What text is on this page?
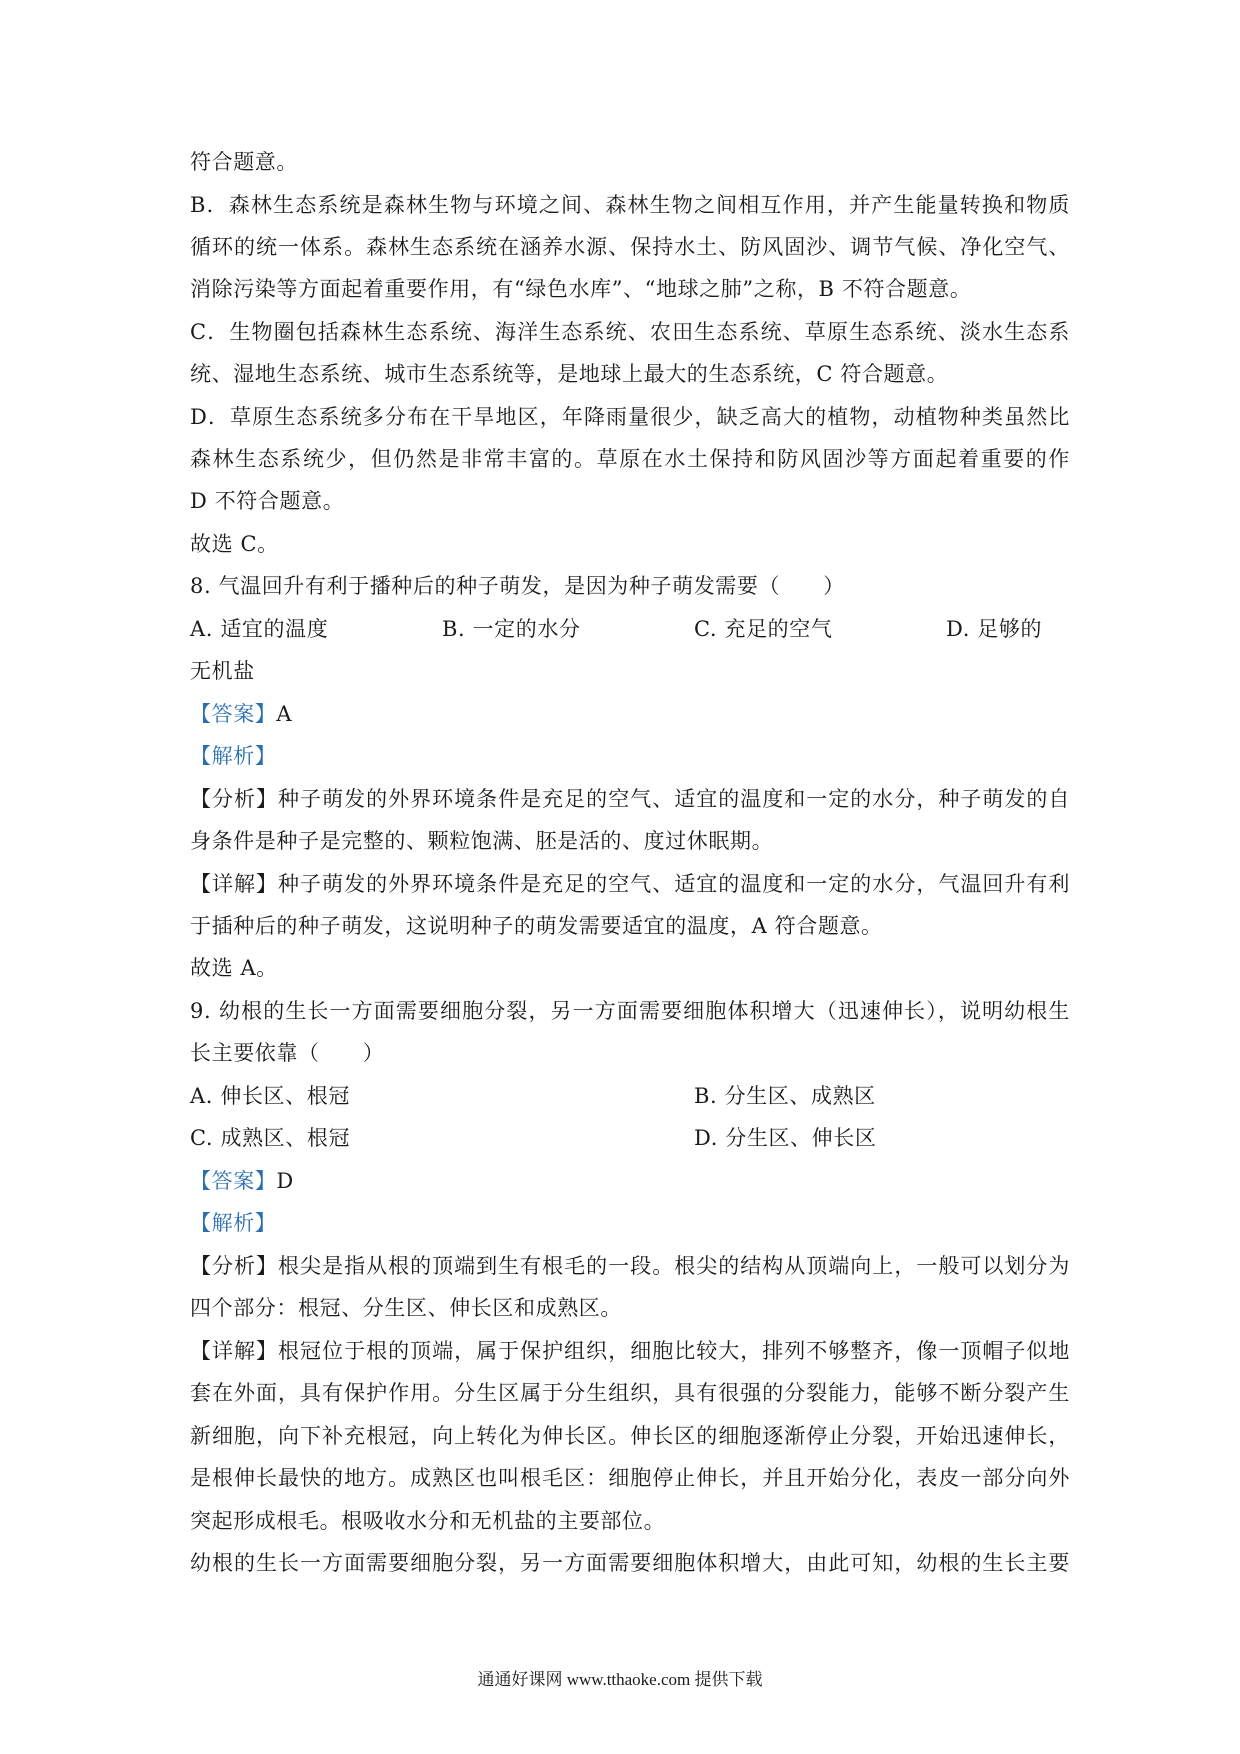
符合题意。
B．森林生态系统是森林生物与环境之间、森林生物之间相互作用，并产生能量转换和物质
循环的统一体系。森林生态系统在涵养水源、保持水土、防风固沙、调节气候、净化空气、
消除污染等方面起着重要作用，有“绿色水库”、“地球之肺”之称，B 不符合题意。
C．生物圈包括森林生态系统、海洋生态系统、农田生态系统、草原生态系统、淡水生态系
统、湿地生态系统、城市生态系统等，是地球上最大的生态系统，C 符合题意。
D．草原生态系统多分布在干旱地区，年降雨量很少，缺乏高大的植物，动植物种类虽然比
森林生态系统少，但仍然是非常丰富的。草原在水土保持和防风固沙等方面起着重要的作
D 不符合题意。
故选 C。
8. 气温回升有利于播种后的种子萌发，是因为种子萌发需要（　　）
A. 适宜的温度	B. 一定的水分	C. 充足的空气	D. 足够的
无机盐
【答案】A
【解析】
【分析】种子萌发的外界环境条件是充足的空气、适宜的温度和一定的水分，种子萌发的自
身条件是种子是完整的、颗粒饱满、胚是活的、度过休眠期。
【详解】种子萌发的外界环境条件是充足的空气、适宜的温度和一定的水分，气温回升有利
于插种后的种子萌发，这说明种子的萌发需要适宜的温度，A 符合题意。
故选 A。
9. 幼根的生长一方面需要细胞分裂，另一方面需要细胞体积增大（迅速伸长），说明幼根生
长主要依靠（　　）
A. 伸长区、根冠	B. 分生区、成熟区
C. 成熟区、根冠	D. 分生区、伸长区
【答案】D
【解析】
【分析】根尖是指从根的顶端到生有根毛的一段。根尖的结构从顶端向上，一般可以划分为
四个部分：根冠、分生区、伸长区和成熟区。
【详解】根冠位于根的顶端，属于保护组织，细胞比较大，排列不够整齐，像一顶帽子似地
套在外面，具有保护作用。分生区属于分生组织，具有很强的分裂能力，能够不断分裂产生
新细胞，向下补充根冠，向上转化为伸长区。伸长区的细胞逐渐停止分裂，开始迅速伸长，
是根伸长最快的地方。成熟区也叫根毛区：细胞停止伸长，并且开始分化，表皮一部分向外
突起形成根毛。根吸收水分和无机盐的主要部位。
幼根的生长一方面需要细胞分裂，另一方面需要细胞体积增大，由此可知，幼根的生长主要
通通好课网 www.tthaoke.com 提供下载
